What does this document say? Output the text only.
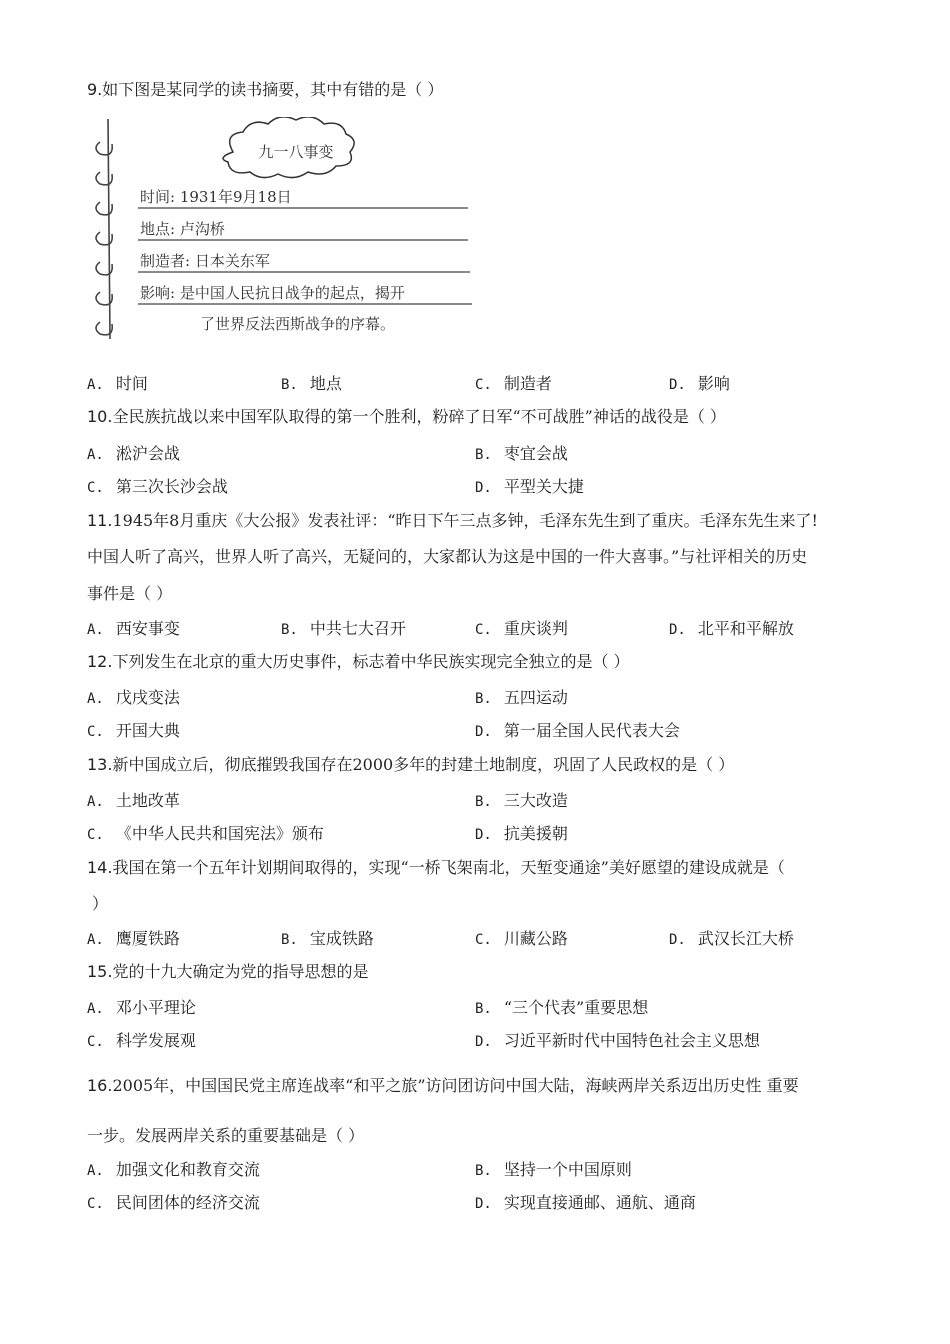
9.如下图是某同学的读书摘要，其中有错的是（ ）
九一八事变
时间: 1931年9月18日
地点: 卢沟桥
制造者: 日本关东军
影响: 是中国人民抗日战争的起点，揭开
了世界反法西斯战争的序幕。
A. 时间	B. 地点	C. 制造者	D. 影响
10.全民族抗战以来中国军队取得的第一个胜利，粉碎了日军“不可战胜”神话的战役是（ ）
A. 淞沪会战	B. 枣宜会战
C. 第三次长沙会战	D. 平型关大捷
11.1945年8月重庆《大公报》发表社评：“昨日下午三点多钟，毛泽东先生到了重庆。毛泽东先生来了!
中国人听了高兴，世界人听了高兴，无疑问的，大家都认为这是中国的一件大喜事。”与社评相关的历史
事件是（ ）
A. 西安事变	B. 中共七大召开	C. 重庆谈判	D. 北平和平解放
12.下列发生在北京的重大历史事件，标志着中华民族实现完全独立的是（ ）
A. 戊戌变法	B. 五四运动
C. 开国大典	D. 第一届全国人民代表大会
13.新中国成立后，彻底摧毁我国存在2000多年的封建土地制度，巩固了人民政权的是（ ）
A. 土地改革	B. 三大改造
C. 《中华人民共和国宪法》颁布	D. 抗美援朝
14.我国在第一个五年计划期间取得的，实现“一桥飞架南北，天堑变通途”美好愿望的建设成就是（
）
A. 鹰厦铁路	B. 宝成铁路	C. 川藏公路	D. 武汉长江大桥
15.党的十九大确定为党的指导思想的是
A. 邓小平理论	B. “三个代表”重要思想
C. 科学发展观	D. 习近平新时代中国特色社会主义思想
16.2005年，中国国民党主席连战率“和平之旅”访问团访问中国大陆，海峡两岸关系迈出历史性 重要
一步。发展两岸关系的重要基础是（ ）
A. 加强文化和教育交流	B. 坚持一个中国原则
C. 民间团体的经济交流	D. 实现直接通邮、通航、通商
